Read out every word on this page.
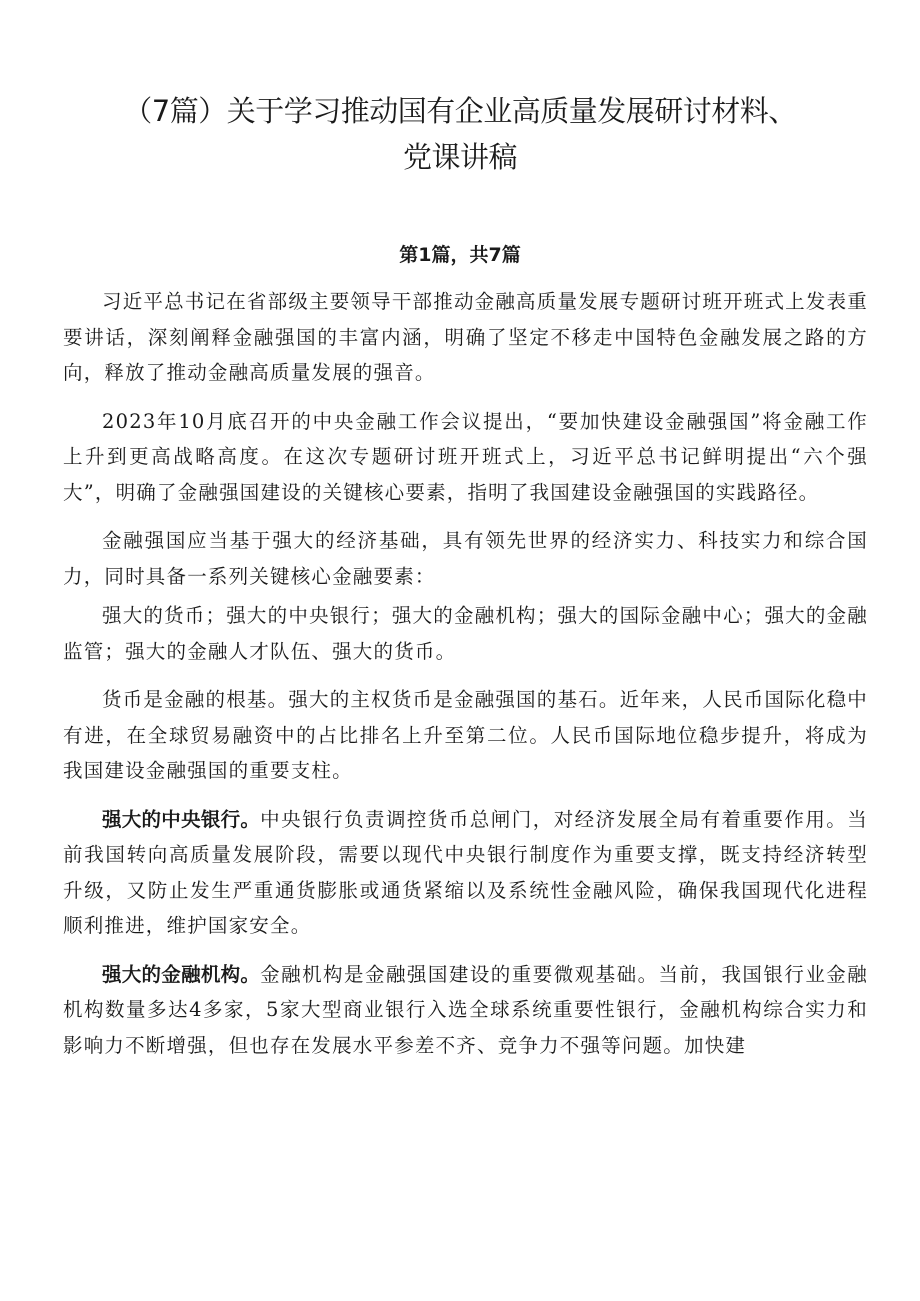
（7篇）关于学习推动国有企业高质量发展研讨材料、
党课讲稿
第1篇，共7篇

习近平总书记在省部级主要领导干部推动金融高质量发展专题研讨班开班式上发表重要讲话，深刻阐释金融强国的丰富内涵，明确了坚定不移走中国特色金融发展之路的方向，释放了推动金融高质量发展的强音。

2023年10月底召开的中央金融工作会议提出，“要加快建设金融强国”将金融工作上升到更高战略高度。在这次专题研讨班开班式上，习近平总书记鲜明提出“六个强大”，明确了金融强国建设的关键核心要素，指明了我国建设金融强国的实践路径。

金融强国应当基于强大的经济基础，具有领先世界的经济实力、科技实力和综合国力，同时具备一系列关键核心金融要素：

强大的货币；强大的中央银行；强大的金融机构；强大的国际金融中心；强大的金融监管；强大的金融人才队伍、强大的货币。

货币是金融的根基。强大的主权货币是金融强国的基石。近年来，人民币国际化稳中有进，在全球贸易融资中的占比排名上升至第二位。人民币国际地位稳步提升，将成为我国建设金融强国的重要支柱。

强大的中央银行。中央银行负责调控货币总闸门，对经济发展全局有着重要作用。当前我国转向高质量发展阶段，需要以现代中央银行制度作为重要支撑，既支持经济转型升级，又防止发生严重通货膨胀或通货紧缩以及系统性金融风险，确保我国现代化进程顺利推进，维护国家安全。

强大的金融机构。金融机构是金融强国建设的重要微观基础。当前，我国银行业金融机构数量多达4多家，5家大型商业银行入选全球系统重要性银行，金融机构综合实力和影响力不断增强，但也存在发展水平参差不齐、竞争力不强等问题。加快建
